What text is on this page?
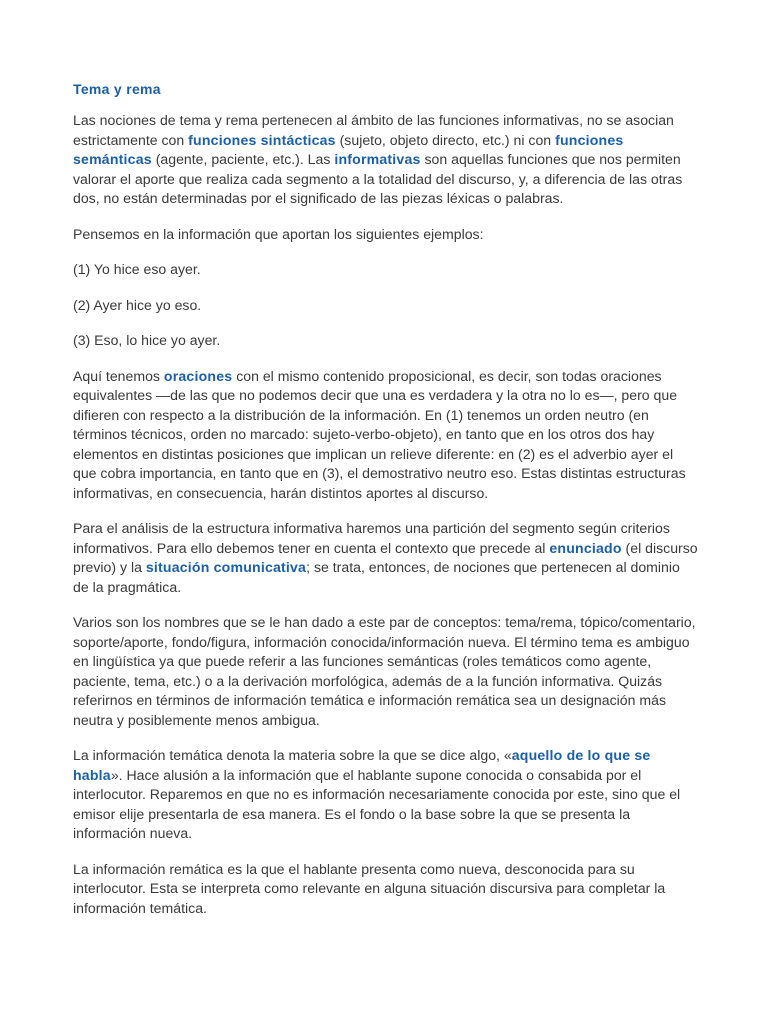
Tema y rema

Las nociones de tema y rema pertenecen al ámbito de las funciones informativas, no se asocian estrictamente con funciones sintácticas (sujeto, objeto directo, etc.) ni con funciones semánticas (agente, paciente, etc.). Las informativas son aquellas funciones que nos permiten valorar el aporte que realiza cada segmento a la totalidad del discurso, y, a diferencia de las otras dos, no están determinadas por el significado de las piezas léxicas o palabras.

Pensemos en la información que aportan los siguientes ejemplos:

(1) Yo hice eso ayer.

(2) Ayer hice yo eso.

(3) Eso, lo hice yo ayer.

Aquí tenemos oraciones con el mismo contenido proposicional, es decir, son todas oraciones equivalentes —de las que no podemos decir que una es verdadera y la otra no lo es—, pero que difieren con respecto a la distribución de la información. En (1) tenemos un orden neutro (en términos técnicos, orden no marcado: sujeto-verbo-objeto), en tanto que en los otros dos hay elementos en distintas posiciones que implican un relieve diferente: en (2) es el adverbio ayer el que cobra importancia, en tanto que en (3), el demostrativo neutro eso. Estas distintas estructuras informativas, en consecuencia, harán distintos aportes al discurso.

Para el análisis de la estructura informativa haremos una partición del segmento según criterios informativos. Para ello debemos tener en cuenta el contexto que precede al enunciado (el discurso previo) y la situación comunicativa; se trata, entonces, de nociones que pertenecen al dominio de la pragmática.

Varios son los nombres que se le han dado a este par de conceptos: tema/rema, tópico/comentario, soporte/aporte, fondo/figura, información conocida/información nueva. El término tema es ambiguo en lingüística ya que puede referir a las funciones semánticas (roles temáticos como agente, paciente, tema, etc.) o a la derivación morfológica, además de a la función informativa. Quizás referirnos en términos de información temática e información remática sea un designación más neutra y posiblemente menos ambigua.

La información temática denota la materia sobre la que se dice algo, «aquello de lo que se habla». Hace alusión a la información que el hablante supone conocida o consabida por el interlocutor. Reparemos en que no es información necesariamente conocida por este, sino que el emisor elije presentarla de esa manera. Es el fondo o la base sobre la que se presenta la información nueva.

La información remática es la que el hablante presenta como nueva, desconocida para su interlocutor. Esta se interpreta como relevante en alguna situación discursiva para completar la información temática.
